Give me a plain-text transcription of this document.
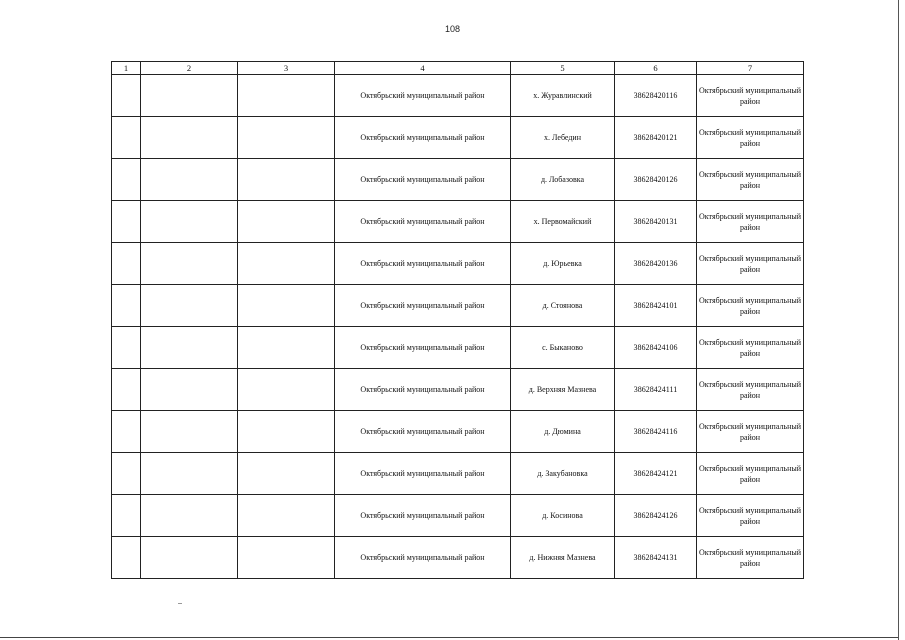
108
1	2	3	4	5	6	7
			Октябрьский муниципальный район	х. Журавлинский	38628420116	Октябрьский муниципальный район
			Октябрьский муниципальный район	х. Лебедин	38628420121	Октябрьский муниципальный район
			Октябрьский муниципальный район	д. Лобазовка	38628420126	Октябрьский муниципальный район
			Октябрьский муниципальный район	х. Первомайский	38628420131	Октябрьский муниципальный район
			Октябрьский муниципальный район	д. Юрьевка	38628420136	Октябрьский муниципальный район
			Октябрьский муниципальный район	д. Стоянова	38628424101	Октябрьский муниципальный район
			Октябрьский муниципальный район	с. Быканово	38628424106	Октябрьский муниципальный район
			Октябрьский муниципальный район	д. Верхняя Мазнева	38628424111	Октябрьский муниципальный район
			Октябрьский муниципальный район	д. Дюмина	38628424116	Октябрьский муниципальный район
			Октябрьский муниципальный район	д. Закубановка	38628424121	Октябрьский муниципальный район
			Октябрьский муниципальный район	д. Косинова	38628424126	Октябрьский муниципальный район
			Октябрьский муниципальный район	д. Нижняя Мазнева	38628424131	Октябрьский муниципальный район
